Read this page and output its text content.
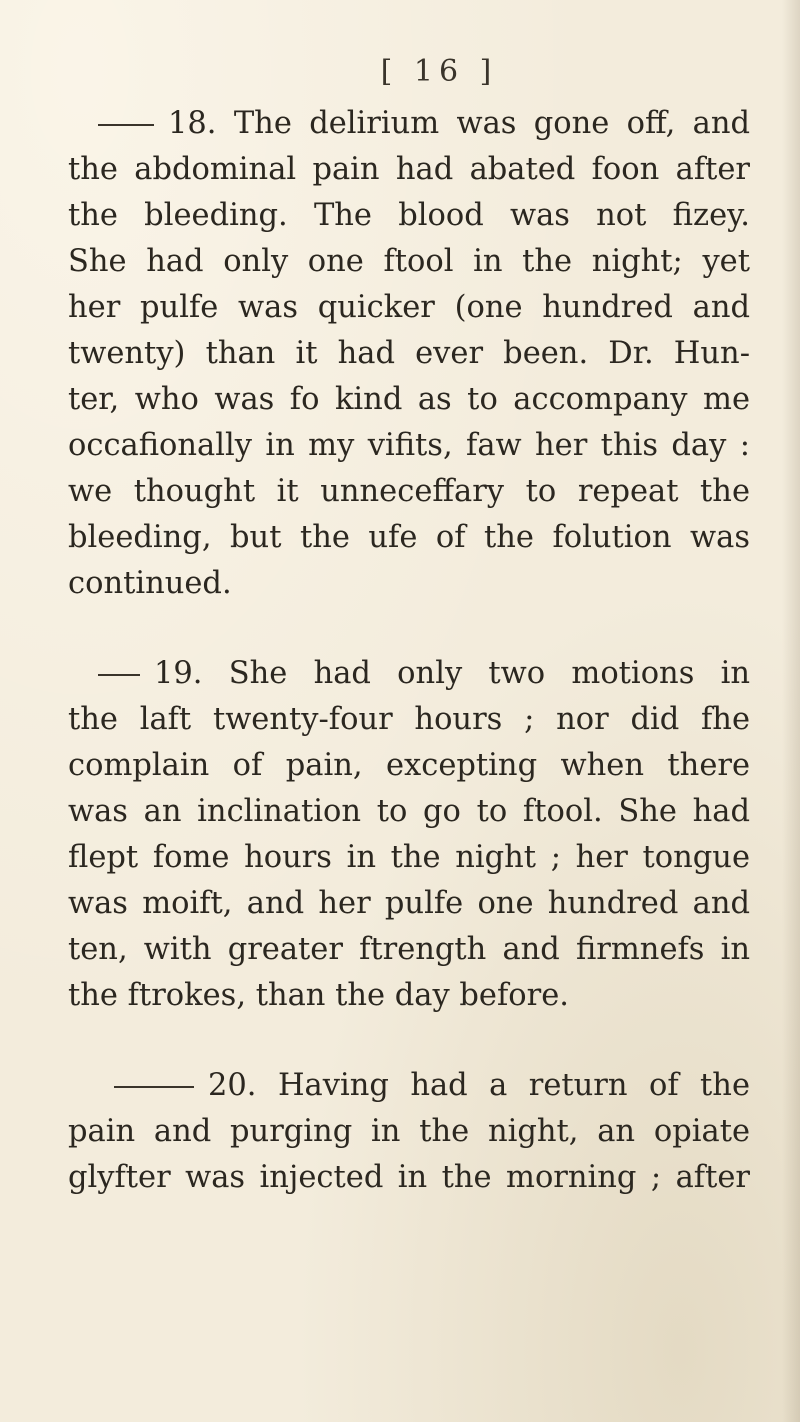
[ 16 ]
18. The delirium was gone off, and
the abdominal pain had abated foon after
the bleeding. The blood was not fizey.
She had only one ftool in the night; yet
her pulfe was quicker (one hundred and
twenty) than it had ever been. Dr. Hun-
ter, who was fo kind as to accompany me
occafionally in my vifits, faw her this day :
we thought it unneceffary to repeat the
bleeding, but the ufe of the folution was
continued.
19. She had only two motions in
the laft twenty-four hours ; nor did fhe
complain of pain, excepting when there
was an inclination to go to ftool. She had
flept fome hours in the night ; her tongue
was moift, and her pulfe one hundred and
ten, with greater ftrength and firmnefs in
the ftrokes, than the day before.
20. Having had a return of the
pain and purging in the night, an opiate
glyfter was injected in the morning ; after
